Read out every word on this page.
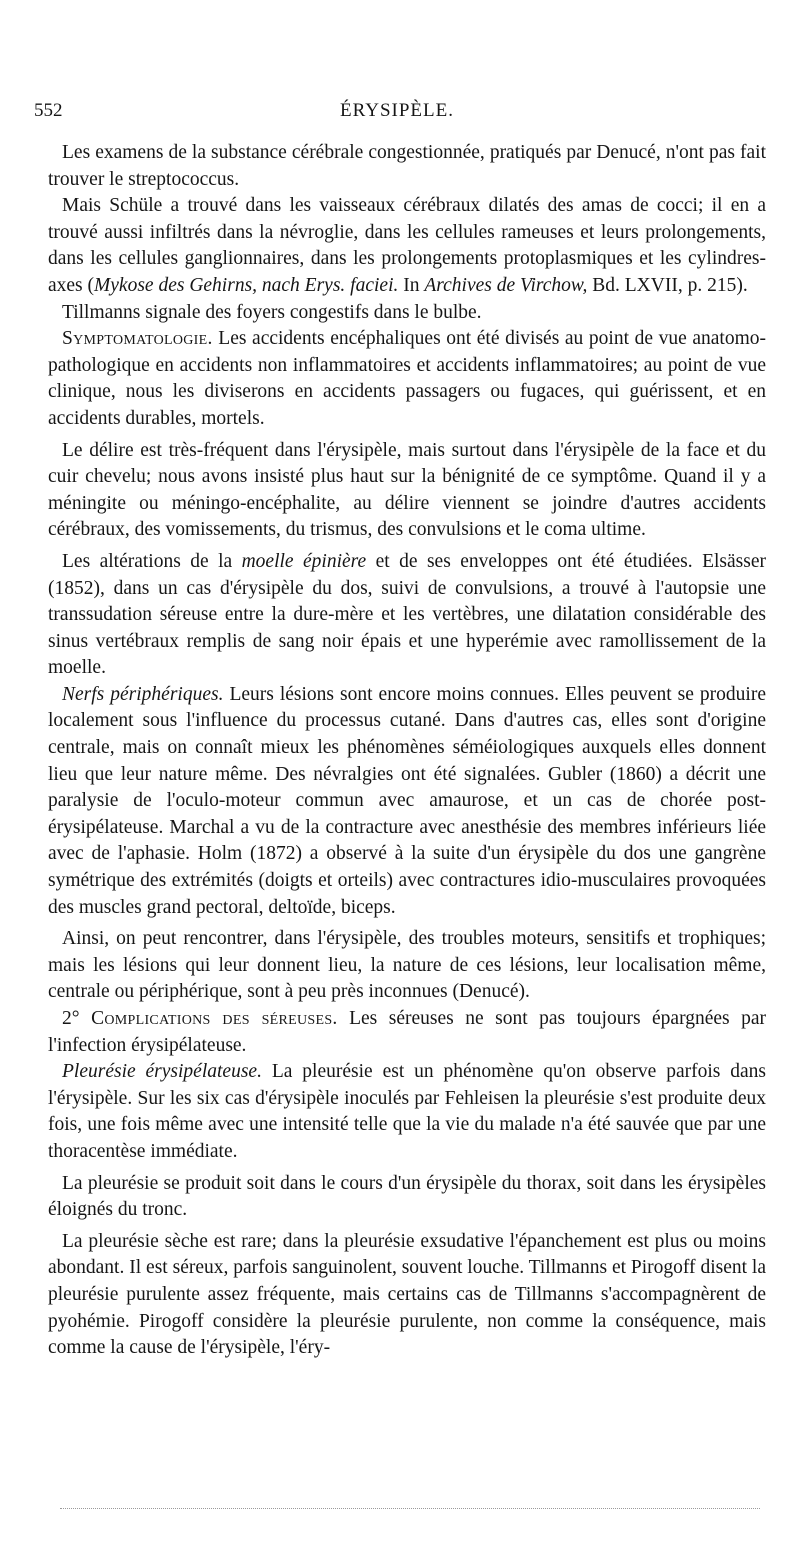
552	ÉRYSIPÈLE.

Les examens de la substance cérébrale congestionnée, pratiqués par Denucé, n'ont pas fait trouver le streptococcus.

Mais Schüle a trouvé dans les vaisseaux cérébraux dilatés des amas de cocci; il en a trouvé aussi infiltrés dans la névroglie, dans les cellules rameuses et leurs prolongements, dans les cellules ganglionnaires, dans les prolongements protoplasmiques et les cylindres-axes (Mykose des Gehirns, nach Erys. faciei. In Archives de Virchow, Bd. LXVII, p. 215).

Tillmanns signale des foyers congestifs dans le bulbe.

Symptomatologie. Les accidents encéphaliques ont été divisés au point de vue anatomo-pathologique en accidents non inflammatoires et accidents inflammatoires; au point de vue clinique, nous les diviserons en accidents passagers ou fugaces, qui guérissent, et en accidents durables, mortels.

Le délire est très-fréquent dans l'érysipèle, mais surtout dans l'érysipèle de la face et du cuir chevelu; nous avons insisté plus haut sur la bénignité de ce symptôme. Quand il y a méningite ou méningo-encéphalite, au délire viennent se joindre d'autres accidents cérébraux, des vomissements, du trismus, des convulsions et le coma ultime.

Les altérations de la moelle épinière et de ses enveloppes ont été étudiées. Elsässer (1852), dans un cas d'érysipèle du dos, suivi de convulsions, a trouvé à l'autopsie une transsudation séreuse entre la dure-mère et les vertèbres, une dilatation considérable des sinus vertébraux remplis de sang noir épais et une hyperémie avec ramollissement de la moelle.

Nerfs périphériques. Leurs lésions sont encore moins connues. Elles peuvent se produire localement sous l'influence du processus cutané. Dans d'autres cas, elles sont d'origine centrale, mais on connaît mieux les phénomènes séméiologiques auxquels elles donnent lieu que leur nature même. Des névralgies ont été signalées. Gubler (1860) a décrit une paralysie de l'oculo-moteur commun avec amaurose, et un cas de chorée post-érysipélateuse. Marchal a vu de la contracture avec anesthésie des membres inférieurs liée avec de l'aphasie. Holm (1872) a observé à la suite d'un érysipèle du dos une gangrène symétrique des extrémités (doigts et orteils) avec contractures idio-musculaires provoquées des muscles grand pectoral, deltoïde, biceps.

Ainsi, on peut rencontrer, dans l'érysipèle, des troubles moteurs, sensitifs et trophiques; mais les lésions qui leur donnent lieu, la nature de ces lésions, leur localisation même, centrale ou périphérique, sont à peu près inconnues (Denucé).

2° Complications des séreuses. Les séreuses ne sont pas toujours épargnées par l'infection érysipélateuse.

Pleurésie érysipélateuse. La pleurésie est un phénomène qu'on observe parfois dans l'érysipèle. Sur les six cas d'érysipèle inoculés par Fehleisen la pleurésie s'est produite deux fois, une fois même avec une intensité telle que la vie du malade n'a été sauvée que par une thoracentèse immédiate.

La pleurésie se produit soit dans le cours d'un érysipèle du thorax, soit dans les érysipèles éloignés du tronc.

La pleurésie sèche est rare; dans la pleurésie exsudative l'épanchement est plus ou moins abondant. Il est séreux, parfois sanguinolent, souvent louche. Tillmanns et Pirogoff disent la pleurésie purulente assez fréquente, mais certains cas de Tillmanns s'accompagnèrent de pyohémie. Pirogoff considère la pleurésie purulente, non comme la conséquence, mais comme la cause de l'érysipèle, l'éry-
